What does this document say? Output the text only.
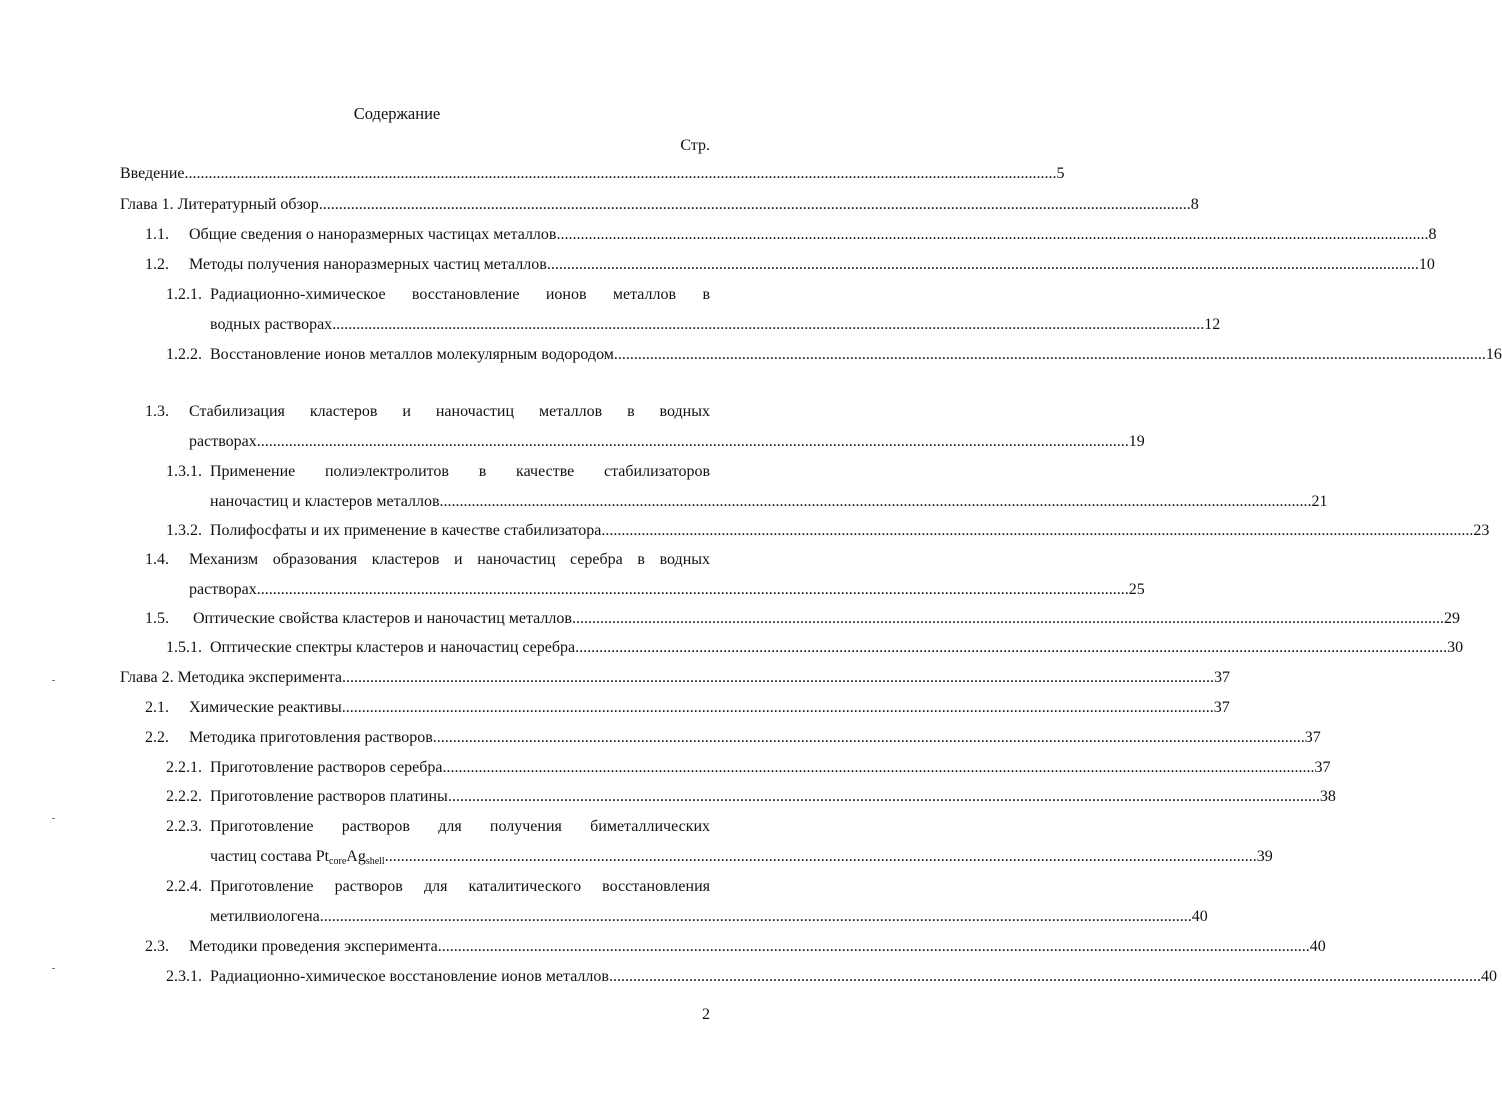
Содержание
Стр.
Введение .....	5
Глава 1. Литературный обзор .....	8
1.1.	Общие сведения о наноразмерных частицах металлов .....	8
1.2.	Методы получения наноразмерных частиц металлов .....	10
1.2.1. Радиационно-химическое восстановление ионов металлов в
водных растворах .....	12
1.2.2. Восстановление ионов металлов молекулярным водородом .....	16
1.3.	Стабилизация кластеров и наночастиц металлов в водных
растворах .....	19
1.3.1. Применение полиэлектролитов в качестве стабилизаторов
наночастиц и кластеров металлов .....	21
1.3.2. Полифосфаты и их применение в качестве стабилизатора .....	23
1.4.	Механизм образования кластеров и наночастиц серебра в водных
растворах .....	25
1.5.	Оптические свойства кластеров и наночастиц металлов .....	29
1.5.1. Оптические спектры кластеров и наночастиц серебра .....	30
Глава 2. Методика эксперимента .....	37
2.1.	Химические реактивы .....	37
2.2.	Методика приготовления растворов .....	37
2.2.1. Приготовление растворов серебра .....	37
2.2.2. Приготовление растворов платины .....	38
2.2.3. Приготовление растворов для получения биметаллических
частиц состава $Pt_{core}Ag_{shell}$ .....	39
2.2.4. Приготовление растворов для каталитического восстановления
метилвиологена .....	40
2.3.	Методики проведения эксперимента .....	40
2.3.1. Радиационно-химическое восстановление ионов металлов .....	40
2
